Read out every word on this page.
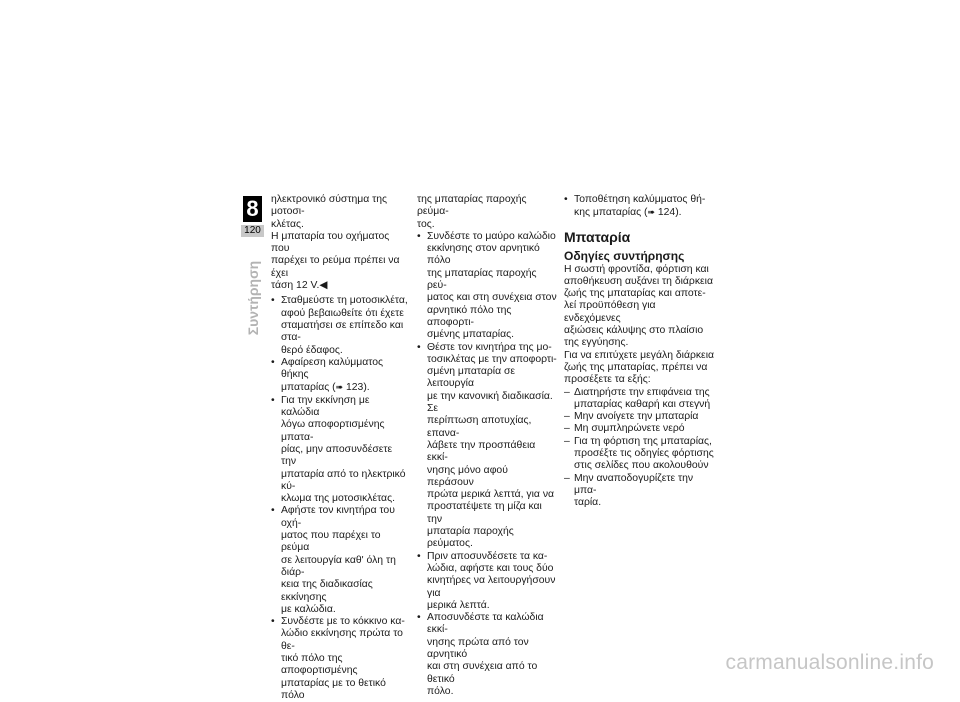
8
120
Συντήρηση
ηλεκτρονικό σύστημα της μοτοσι-
κλέτας.
Η μπαταρία του οχήματος που
παρέχει το ρεύμα πρέπει να έχει
τάση 12 V.◀
• Σταθμεύστε τη μοτοσικλέτα,
αφού βεβαιωθείτε ότι έχετε
σταματήσει σε επίπεδο και στα-
θερό έδαφος.
• Αφαίρεση καλύμματος θήκης
μπαταρίας (➠ 123).
• Για την εκκίνηση με καλώδια
λόγω αποφορτισμένης μπατα-
ρίας, μην αποσυνδέσετε την
μπαταρία από το ηλεκτρικό κύ-
κλωμα της μοτοσικλέτας.
• Αφήστε τον κινητήρα του οχή-
ματος που παρέχει το ρεύμα
σε λειτουργία καθ' όλη τη διάρ-
κεια της διαδικασίας εκκίνησης
με καλώδια.
• Συνδέστε με το κόκκινο κα-
λώδιο εκκίνησης πρώτα το θε-
τικό πόλο της αποφορτισμένης
μπαταρίας με το θετικό πόλο
της μπαταρίας παροχής ρεύμα-
τος.
• Συνδέστε το μαύρο καλώδιο
εκκίνησης στον αρνητικό πόλο
της μπαταρίας παροχής ρεύ-
ματος και στη συνέχεια στον
αρνητικό πόλο της αποφορτι-
σμένης μπαταρίας.
• Θέστε τον κινητήρα της μο-
τοσικλέτας με την αποφορτι-
σμένη μπαταρία σε λειτουργία
με την κανονική διαδικασία. Σε
περίπτωση αποτυχίας, επανα-
λάβετε την προσπάθεια εκκί-
νησης μόνο αφού περάσουν
πρώτα μερικά λεπτά, για να
προστατέψετε τη μίζα και την
μπαταρία παροχής ρεύματος.
• Πριν αποσυνδέσετε τα κα-
λώδια, αφήστε και τους δύο
κινητήρες να λειτουργήσουν για
μερικά λεπτά.
• Αποσυνδέστε τα καλώδια εκκί-
νησης πρώτα από τον αρνητικό
και στη συνέχεια από το θετικό
πόλο.
• Τοποθέτηση καλύμματος θή-
κης μπαταρίας (➠ 124).
Μπαταρία
Οδηγίες συντήρησης
Η σωστή φροντίδα, φόρτιση και
αποθήκευση αυξάνει τη διάρκεια
ζωής της μπαταρίας και αποτε-
λεί προϋπόθεση για ενδεχόμενες
αξιώσεις κάλυψης στο πλαίσιο
της εγγύησης.
Για να επιτύχετε μεγάλη διάρκεια
ζωής της μπαταρίας, πρέπει να
προσέξετε τα εξής:
– Διατηρήστε την επιφάνεια της
μπαταρίας καθαρή και στεγνή
– Μην ανοίγετε την μπαταρία
– Μη συμπληρώνετε νερό
– Για τη φόρτιση της μπαταρίας,
προσέξτε τις οδηγίες φόρτισης
στις σελίδες που ακολουθούν
– Μην αναποδογυρίζετε την μπα-
ταρία.
carmanualsonline.info
